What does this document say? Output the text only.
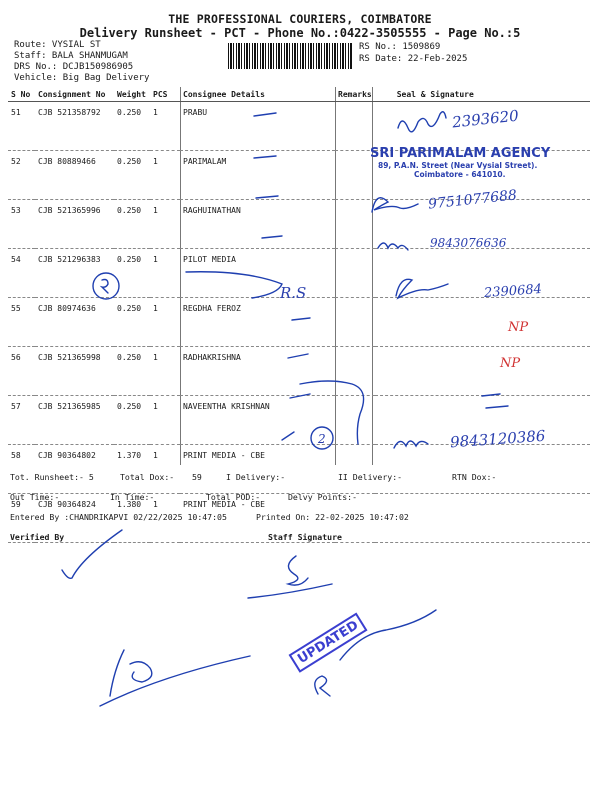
THE PROFESSIONAL COURIERS, COIMBATORE
Delivery Runsheet - PCT - Phone No.:0422-3505555 - Page No.:5
Route: VYSIAL ST
Staff: BALA SHANMUGAM
DRS No.: DCJB150986905
Vehicle: Big Bag Delivery
RS No.: 1509869
RS Date: 22-Feb-2025
S No	Consignment No	Weight	PCS	Consignee Details	Remarks	Seal & Signature
51	CJB 521358792	0.250	1	PRABU		
52	CJB 80889466	0.250	1	PARIMALAM		
53	CJB 521365996	0.250	1	RAGHUINATHAN		
54	CJB 521296383	0.250	1	PILOT MEDIA		
55	CJB 80974636	0.250	1	REGDHA FEROZ		
56	CJB 521365998	0.250	1	RADHAKRISHNA		
57	CJB 521365985	0.250	1	NAVEENTHA KRISHNAN		
58	CJB 90364802	1.370	1	PRINT MEDIA - CBE		
59	CJB 90364824	1.380	1	PRINT MEDIA - CBE		
Tot. Runsheet:- 5	Total Dox:- 59	I Delivery:-	II Delivery:-	RTN Dox:-
Out Time:-	In Time:-	Total POD:-	Delvy Points:-
Entered By :CHANDRIKAPVI 02/22/2025 10:47:05	Printed On: 22-02-2025 10:47:02
Verified By	Staff Signature
SRI PARIMALAM AGENCY
89, P.A.N. Street (Near Vysial Street).
Coimbatore - 641010.
2393620
9751077688
9843076636
R.S	2390684
NP
NP
9843120386
2
UPDATED
